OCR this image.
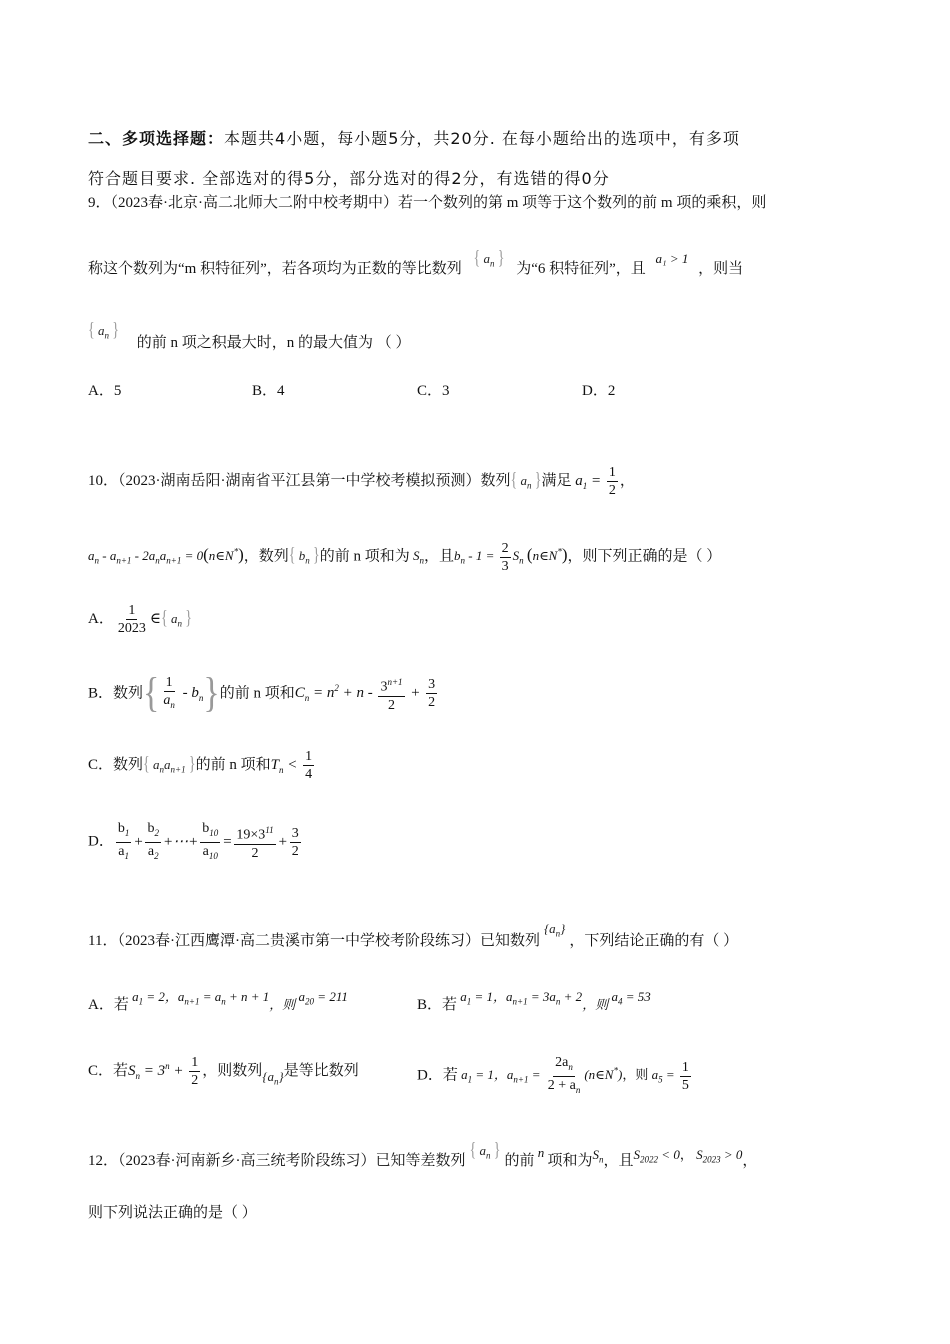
二、多项选择题：本题共4小题，每小题5分，共20分. 在每小题给出的选项中，有多项
符合题目要求. 全部选对的得5分，部分选对的得2分，有选错的得0分
9．（2023春·北京·高二北师大二附中校考期中）若一个数列的第 m 项等于这个数列的前 m 项的乘积，则
称这个数列为“m 积特征列”，若各项均为正数的等比数列 { $a_n$ } 为“6 积特征列”，且 a₁ > 1 ，则当
{ $a_n$ } 的前 n 项之积最大时，n 的最大值为 （ ）
A．5	B．4	C．3	D．2
10．（2023·湖南岳阳·湖南省平江县第一中学校考模拟预测）数列{ $a_n$ }满足 $a_1 = \frac{1}{2}$ ，
$a_n - a_{n+1} - 2a_na_{n+1}$ = 0(n∈N*)，数列{ $b_n$ }的前 n 项和为 $S_n$，且$b_n - 1 = \frac{2}{3} S_n$ (n∈N*)，则下列正确的是（ ）
A． $\frac{1}{2023}$ ∈{ $a_n$ }
B．数列{ $\frac{1}{a_n} - b_n$}的前 n 项和$C_n = n^2 + n - \frac{3^{n+1}}{2} + \frac{3}{2}$
C．数列{ $a_na_{n+1}$ }的前 n 项和$T_n < \frac{1}{4}$
D． $\frac{b_1}{a_1} + \frac{b_2}{a_2}$ +⋯+ $\frac{b_{10}}{a_{10}} = \frac{19\times 3^{11}}{2} + \frac{3}{2}$
11．（2023春·江西鹰潭·高二贵溪市第一中学校考阶段练习）已知数列$\{a_n\}$，下列结论正确的有（ ）
A．若 $a_1 = 2$，$a_{n+1} = a_n + n + 1$，则 $a_{20} = 211$
B．若 $a_1 = 1$，$a_{n+1} = 3a_n + 2$，则 $a_4 = 53$
C．若$S_n = 3^n + \frac{1}{2}$ ，则数列$\{a_n\}$是等比数列	D．若 $a_1 = 1$，$a_{n+1} = \frac{2a_n}{2 + a_n}$ (n∈N*)，则 $a_5 = \frac{1}{5}$
12．（2023春·河南新乡·高三统考阶段练习）已知等差数列 { $a_n$ } 的前 n 项和为$S_n$，且$S_{2022} < 0$， $S_{2023} > 0$，
则下列说法正确的是（ ）
